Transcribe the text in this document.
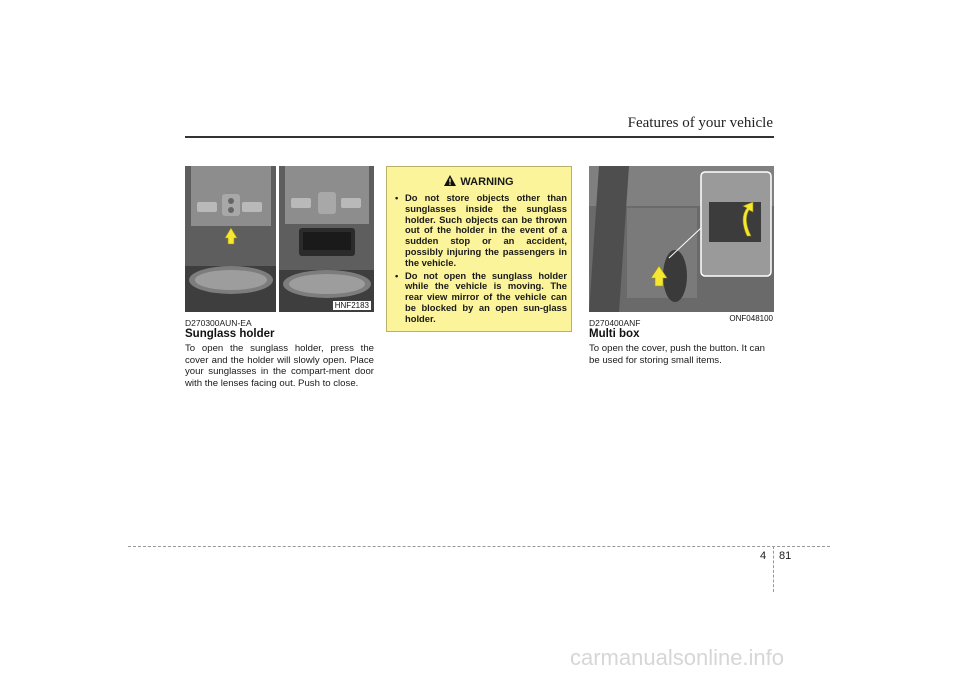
Features of your vehicle
HNF2183
D270300AUN-EA
Sunglass holder
To open the sunglass holder, press the cover and the holder will slowly open. Place your sunglasses in the compart-ment door with the lenses facing out. Push to close.
WARNING
• Do not store objects other than sunglasses inside the sunglass holder. Such objects can be thrown out of the holder in the event of a sudden stop or an accident, possibly injuring the passengers in the vehicle.
• Do not open the sunglass holder while the vehicle is moving. The rear view mirror of the vehicle can be blocked by an open sun-glass holder.	ONF048100
D270400ANF
Multi box
To open the cover, push the button. It can be used for storing small items.
4 81
carmanualsonline.info
